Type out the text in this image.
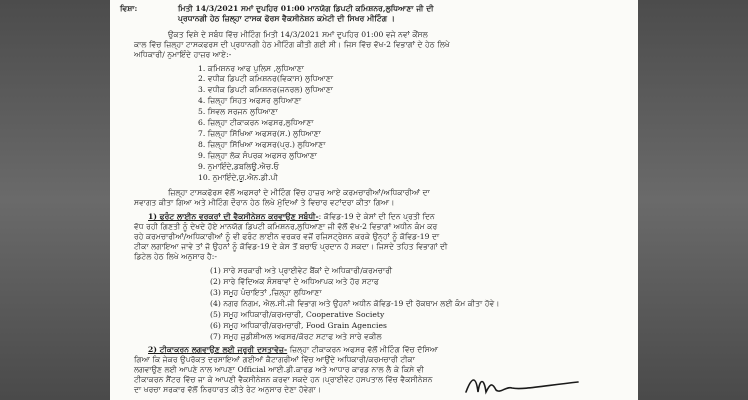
ਵਿਸ਼ਾ:	ਮਿਤੀ 14/3/2021 ਸਮਾਂ ਦੁਪਹਿਰ 01:00 ਮਾਨਯੋਗ ਡਿਪਟੀ ਕਮਿਸ਼ਨਰ,ਲੁਧਿਆਣਾ ਜੀ ਦੀ
ਪ੍ਰਧਾਨਗੀ ਹੇਠ ਜ਼ਿਲ੍ਹਾ ਟਾਸਕ ਫੋਰਸ ਵੈਕਸੀਨੇਸ਼ਨ ਕਮੇਟੀ ਦੀ ਸਿਖਰ ਮੀਟਿੰਗ ।
ਉਕਤ ਵਿਸ਼ੇ ਦੇ ਸਬੰਧ ਵਿੱਚ ਮੀਟਿੰਗ ਮਿਤੀ 14/3/2021 ਸਮਾਂ ਦੁਪਹਿਰ 01:00 ਵਜੇ ਨਵਾਂ ਕੌਂਸਲ
ਕਾਲ ਵਿੱਚ ਜ਼ਿਲ੍ਹਾ ਟਾਸਕਫਰਸ ਦੀ ਪ੍ਰਧਾਨਗੀ ਹੇਠ ਮੀਟਿੰਗ ਕੀਤੀ ਗਈ ਸੀ। ਜਿਸ ਵਿੱਚ ਵੱਖ-2 ਵਿਭਾਗਾਂ ਦੇ ਹੇਠ ਲਿਖੇ
ਅਧਿਕਾਰੀ/ ਨੁਮਾਇੰਦੇ ਹਾਜ਼ਰ ਆਏ:-
1. ਕਮਿਸ਼ਨਰ ਆਫ ਪੁਲਿਸ ,ਲੁਧਿਆਣਾ
2. ਵਧੀਕ ਡਿਪਟੀ ਕਮਿਸ਼ਨਰ(ਵਿਕਾਸ) ਲੁਧਿਆਣਾ
3. ਵਧੀਕ ਡਿਪਟੀ ਕਮਿਸ਼ਨਰ(ਜਨਰਲ) ਲੁਧਿਆਣਾ
4. ਜ਼ਿਲ੍ਹਾ ਸਿਹਤ ਅਫਸਰ ਲੁਧਿਆਣਾ
5. ਸਿਵਲ ਸਰਜਨ ਲੁਧਿਆਣਾ
6. ਜ਼ਿਲ੍ਹਾ ਟੀਕਾਕਰਨ ਅਫਸਰ,ਲੁਧਿਆਣਾ
7. ਜ਼ਿਲ੍ਹਾ ਸਿੱਖਿਆ ਅਫਸਰ(ਸ.) ਲੁਧਿਆਣਾ
8. ਜ਼ਿਲ੍ਹਾ ਸਿੱਖਿਆ ਅਫਸਰ(ਪ੍ਰ.) ਲੁਧਿਆਣਾ
9. ਜ਼ਿਲ੍ਹਾ ਲੋਕ ਸੰਪਰਕ ਅਫਸਰ ਲੁਧਿਆਣਾ
9. ਨੁਮਾਇੰਦੇ,ਡਬਲਿਊ.ਐਚ.ਓ
10. ਨੁਮਾਇੰਦੇ,ਯੂ.ਐਨ.ਡੀ.ਪੀ
ਜ਼ਿਲ੍ਹਾ ਟਾਸਕਫੋਰਸ ਵੱਲੋਂ ਅਫਸਰਾਂ ਦੇ ਮੀਟਿੰਗ ਵਿੱਚ ਹਾਜ਼ਰ ਆਏ ਕਰਮਚਾਰੀਆਂ/ਅਧਿਕਾਰੀਆਂ ਦਾ
ਸਵਾਗਤ ਕੀਤਾ ਗਿਆ ਅਤੇ ਮੀਟਿੰਗ ਦੌਰਾਨ ਹੇਠ ਲਿਖੇ ਮੁੱਦਿਆਂ ਤੇ ਵਿਚਾਰ ਵਟਾਂਦਰਾ ਕੀਤਾ ਗਿਆ।
1) ਫਰੰਟ ਲਾਈਨ ਵਰਕਰਾਂ ਦੀ ਵੈਕਸੀਨੇਸ਼ਨ ਕਰਵਾਉਣ ਸਬੰਧੀ-: ਕੋਵਿਡ-19 ਦੇ ਕੇਸਾਂ ਦੀ ਦਿਨ ਪ੍ਰਤੀ ਦਿਨ
ਵੱਧ ਰਹੀ ਗਿਣਤੀ ਨੂੰ ਦੇਖਦੇ ਹੋਏ ਮਾਨਯੋਗ ਡਿਪਟੀ ਕਮਿਸ਼ਨਰ,ਲੁਧਿਆਣਾ ਜੀ ਵੱਲੋਂ ਵੱਖ-2 ਵਿਭਾਗਾਂ ਅਧੀਨ ਕੰਮ ਕਰ
ਰਹੇ ਕਰਮਚਾਰੀਆਂ/ਅਧਿਕਾਰੀਆਂ ਨੂੰ ਵੀ ਫਰੰਟ ਲਾਈਨ ਵਰਕਰ ਵਜੋਂ ਰਜਿਸਟ੍ਰੇਸ਼ਨ ਕਰਕੇ ਉਨ੍ਹਾਂ ਨੂੰ ਕੋਵਿਡ-19 ਦਾ
ਟੀਕਾ ਲਗਾਇਆ ਜਾਵੇ ਤਾਂ ਜੋ ਉਹਨਾਂ ਨੂੰ ਕੋਵਿਡ-19 ਦੇ ਕੇਸ ਤੋਂ ਬਚਾਓ ਪ੍ਰਦਾਨ ਹੋ ਸਕਦਾ। ਜਿਸਦੇ ਤਹਿਤ ਵਿਭਾਗਾਂ ਦੀ
ਡਿਟੇਲ ਹੇਠ ਲਿਖੇ ਅਨੁਸਾਰ ਹੈ:-
(1) ਸਾਰੇ ਸਰਕਾਰੀ ਅਤੇ ਪ੍ਰਾਈਵੇਟ ਬੈਂਕਾਂ ਦੇ ਅਧਿਕਾਰੀ/ਕਰਮਚਾਰੀ
(2) ਸਾਰੇ ਵਿੱਦਿਅਕ ਸੰਸਥਾਵਾਂ ਦੇ ਅਧਿਆਪਕ ਅਤੇ ਹੋਰ ਸਟਾਫ
(3) ਸਮੂਹ ਪੰਚਾਇਤਾਂ ,ਜ਼ਿਲ੍ਹਾ ਲੁਧਿਆਣਾ
(4) ਨਗਰ ਨਿਗਮ, ਐਲ.ਸੀ.ਜੀ ਵਿਭਾਗ ਅਤੇ ਉਹਨਾਂ ਅਧੀਨ ਕੋਵਿਡ-19 ਦੀ ਰੋਕਥਾਮ ਲਈ ਕੰਮ ਕੀਤਾ ਹੋਵੇ।
(5) ਸਮੂਹ ਅਧਿਕਾਰੀ/ਕਰਮਚਾਰੀ, Cooperative Society
(6) ਸਮੂਹ ਅਧਿਕਾਰੀ/ਕਰਮਚਾਰੀ, Food Grain Agencies
(7) ਸਮੂਹ ਜੁਡੀਸ਼ੀਅਲ ਅਫਸਰ/ਕੋਰਟ ਸਟਾਫ ਅਤੇ ਸਾਰੇ ਵਕੀਲ
2) ਟੀਕਾਕਰਨ ਲਗਵਾਉਣ ਲਈ ਜਰੂਰੀ ਦਸਤਾਵੇਜ਼- ਜ਼ਿਲ੍ਹਾ ਟੀਕਾਕਰਨ ਅਫਸਰ ਵੱਲੋਂ ਮੀਟਿੰਗ ਵਿੱਚ ਦੱਸਿਆ
ਗਿਆ ਕਿ ਜੇਕਰ ਉਪਰੋਕਤ ਦਰਸਾਇਆਂ ਗਈਆਂ ਕੈਟਾਗਰੀਆਂ ਵਿੱਚ ਆਉਂਦੇ ਅਧਿਕਾਰੀ/ਕਰਮਚਾਰੀ ਟੀਕਾ
ਲਗਵਾਉਣ ਲਈ ਆਪਣੇ ਨਾਲ ਆਪਣਾ Official ਆਈ.ਡੀ.ਕਾਰਡ ਅਤੇ ਆਧਾਰ ਕਾਰਡ ਨਾਲ ਲੈ ਕੇ ਕਿਸੇ ਵੀ
ਟੀਕਾਕਰਨ ਸੈਂਟਰ ਵਿੱਚ ਜਾ ਕੇ ਆਪਣੀ ਵੈਕਸੀਨੇਸ਼ਨ ਕਰਵਾ ਸਕਦੇ ਹਨ।ਪ੍ਰਾਈਵੇਟ ਹਸਪਤਾਲ ਵਿੱਚ ਵੈਕਸੀਨੇਸ਼ਨ
ਦਾ ਖਰਚਾ ਸਰਕਾਰ ਵੱਲੋਂ ਨਿਰਧਾਰਤ ਕੀਤੇ ਰੇਟ ਅਨੁਸਾਰ ਦੇਣਾ ਹੋਵੇਗਾ।
